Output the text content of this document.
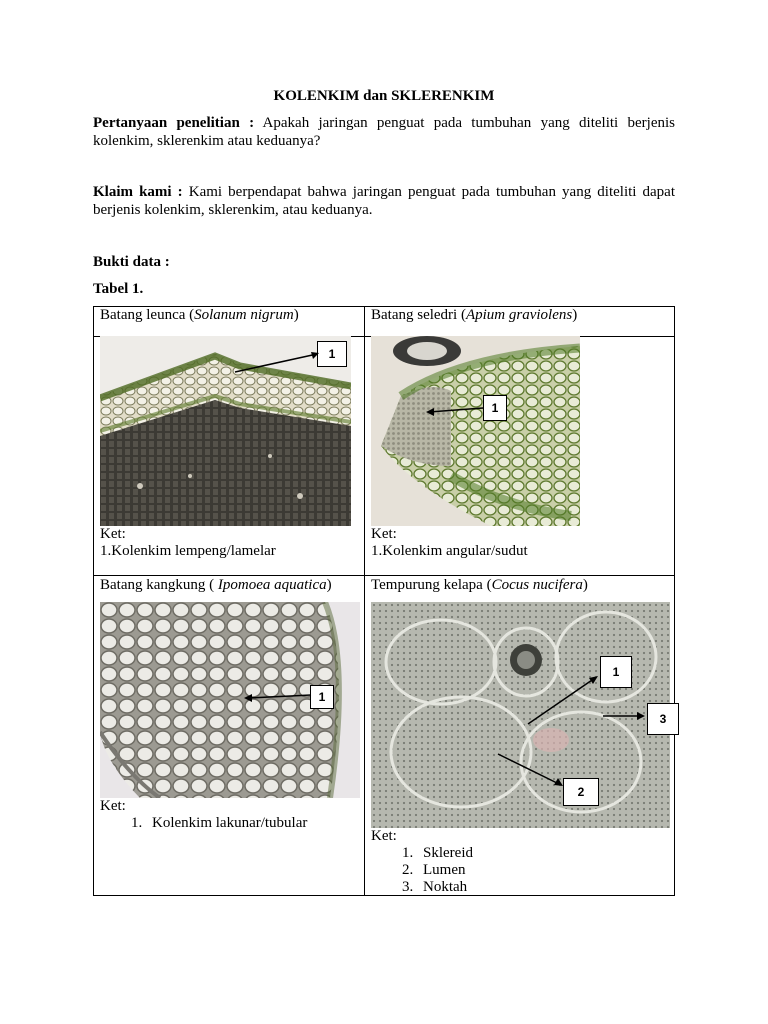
KOLENKIM dan SKLERENKIM
Pertanyaan penelitian : Apakah jaringan penguat pada tumbuhan yang diteliti berjenis kolenkim, sklerenkim atau keduanya?
Klaim kami : Kami berpendapat bahwa jaringan penguat pada tumbuhan yang diteliti dapat berjenis kolenkim, sklerenkim, atau keduanya.
Bukti data :
Tabel 1.
Batang leunca (Solanum nigrum)
1
Ket:
1.Kolenkim lempeng/lamelar
Batang seledri (Apium graviolens)
1
Ket:
1.Kolenkim angular/sudut
Batang kangkung ( Ipomoea aquatica)
1
Ket:
1. Kolenkim lakunar/tubular
Tempurung kelapa (Cocus nucifera)
1
3
2
Ket:
1. Sklereid
2. Lumen
3. Noktah
